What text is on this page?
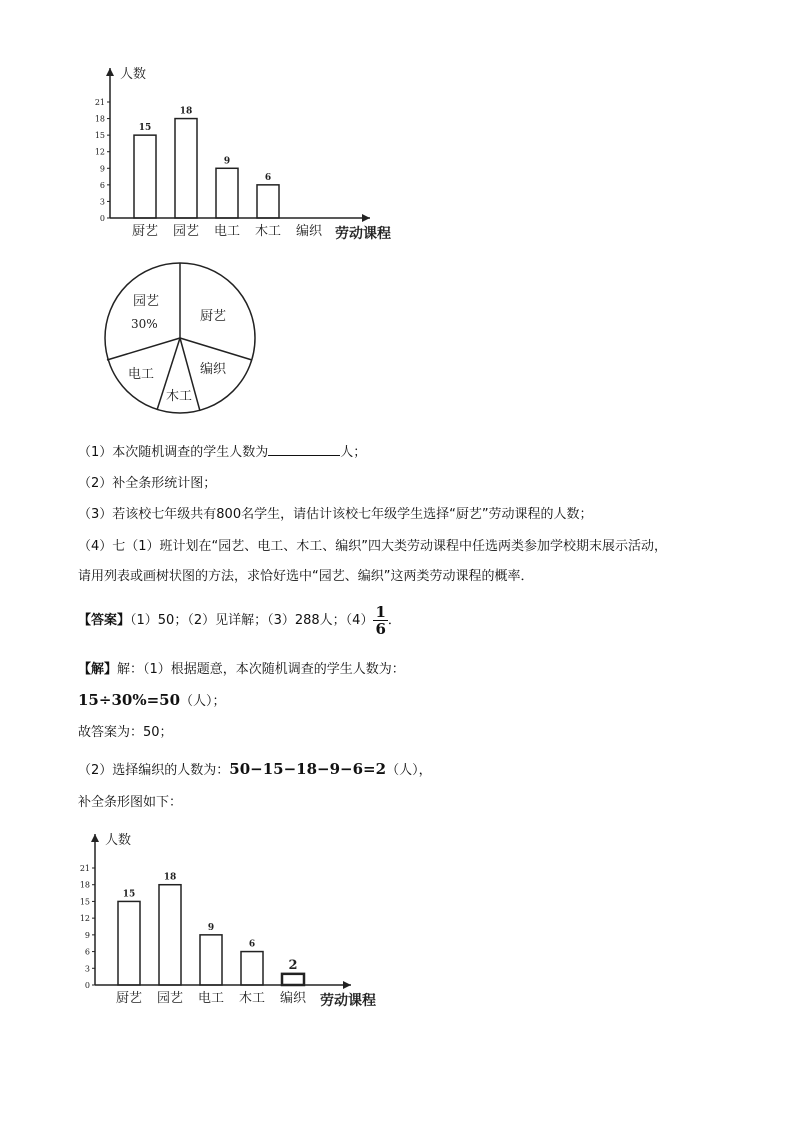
人数
0
3
6
9
12
15
18
21
15
厨艺
18
园艺
9
电工
6
木工 编织 劳动课程
园艺
30%	厨艺
编织
木工
电工
（1）本次随机调查的学生人数为	人；
（2）补全条形统计图；
（3）若该校七年级共有800名学生，请估计该校七年级学生选择“厨艺”劳动课程的人数；
（4）七（1）班计划在“园艺、电工、木工、编织”四大类劳动课程中任选两类参加学校期末展示活动，
请用列表或画树状图的方法，求恰好选中“园艺、编织”这两类劳动课程的概率．
【答案】（1）50；（2）见详解；（3）288人；$(4) \frac{1}{6}$ ．
【解】解：（1）根据题意，本次随机调查的学生人数为：
15÷30%=50（人）；
故答案为：50；
（2）选择编织的人数为：50−15−18−9−6=2（人），
补全条形图如下：
人数
0
3
6
9
12
15
18
21
15
厨艺
18
园艺
9
电工
6
木工
2
编织 劳动课程
